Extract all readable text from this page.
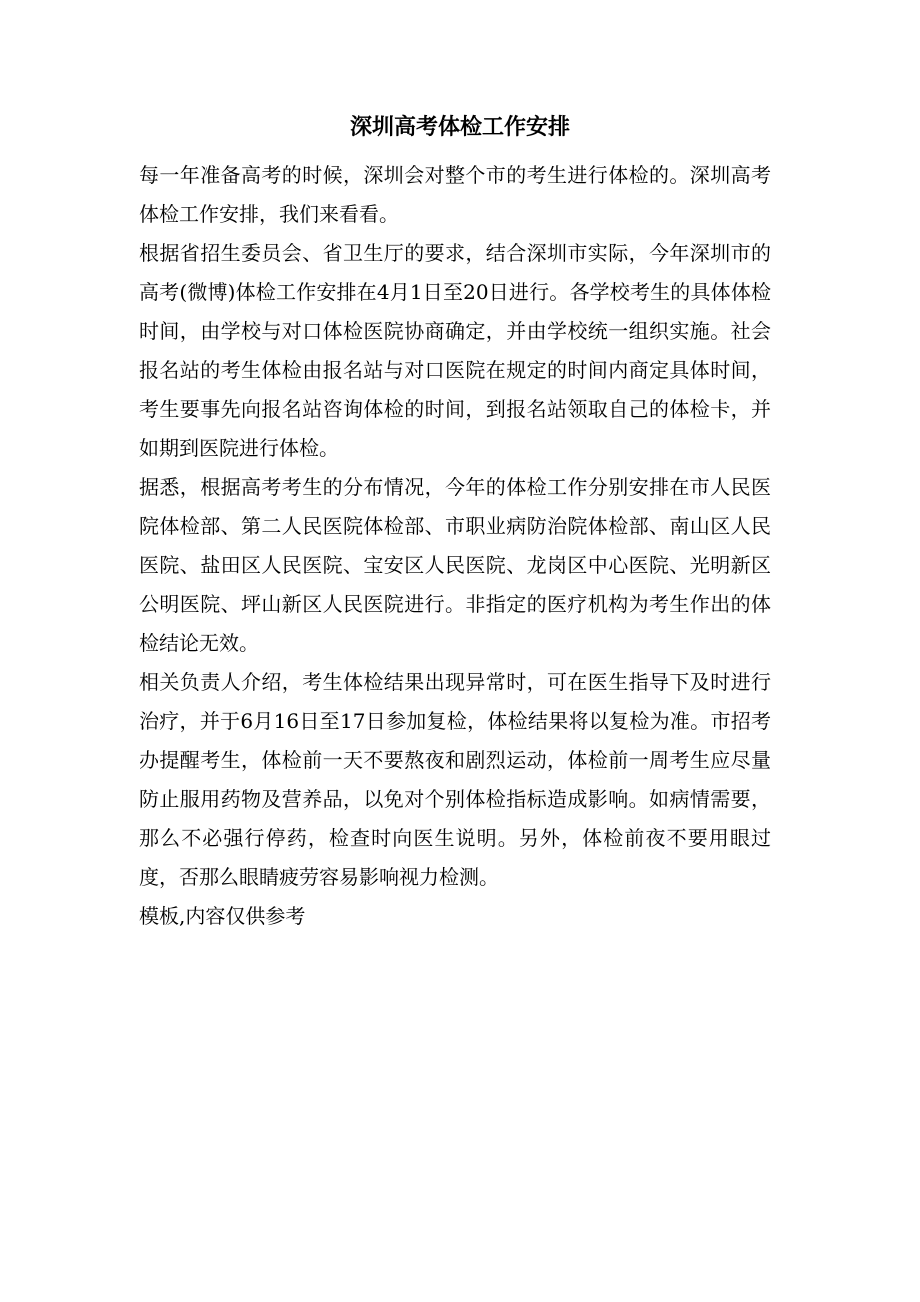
深圳高考体检工作安排

每一年准备高考的时候，深圳会对整个市的考生进行体检的。深圳高考体检工作安排，我们来看看。

根据省招生委员会、省卫生厅的要求，结合深圳市实际，今年深圳市的高考(微博)体检工作安排在4月1日至20日进行。各学校考生的具体体检时间，由学校与对口体检医院协商确定，并由学校统一组织实施。社会报名站的考生体检由报名站与对口医院在规定的时间内商定具体时间，考生要事先向报名站咨询体检的时间，到报名站领取自己的体检卡，并如期到医院进行体检。

据悉，根据高考考生的分布情况，今年的体检工作分别安排在市人民医院体检部、第二人民医院体检部、市职业病防治院体检部、南山区人民医院、盐田区人民医院、宝安区人民医院、龙岗区中心医院、光明新区公明医院、坪山新区人民医院进行。非指定的医疗机构为考生作出的体检结论无效。

相关负责人介绍，考生体检结果出现异常时，可在医生指导下及时进行治疗，并于6月16日至17日参加复检，体检结果将以复检为准。市招考办提醒考生，体检前一天不要熬夜和剧烈运动，体检前一周考生应尽量防止服用药物及营养品，以免对个别体检指标造成影响。如病情需要，那么不必强行停药，检查时向医生说明。另外，体检前夜不要用眼过度，否那么眼睛疲劳容易影响视力检测。

模板,内容仅供参考
